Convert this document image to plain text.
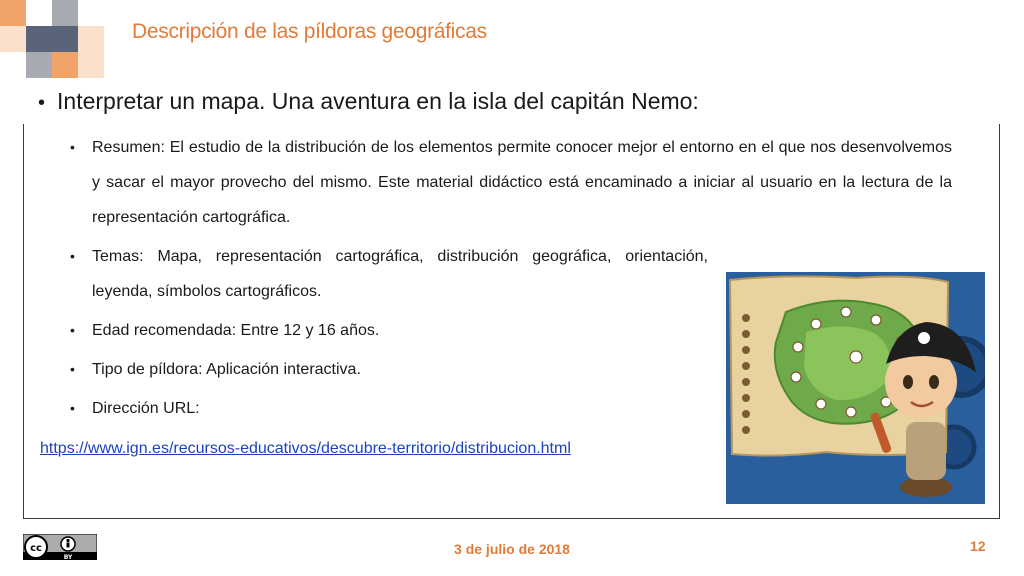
Descripción de las píldoras geográficas
• Interpretar un mapa. Una aventura en la isla del capitán Nemo:
• Resumen: El estudio de la distribución de los elementos permite conocer mejor el entorno en el que nos desenvolvemos y sacar el mayor provecho del mismo. Este material didáctico está encaminado a iniciar al usuario en la lectura de la representación cartográfica.
• Temas: Mapa, representación cartográfica, distribución geográfica, orientación, leyenda, símbolos cartográficos.
• Edad recomendada: Entre 12 y 16 años.
• Tipo de píldora: Aplicación interactiva.
• Dirección URL:
https://www.ign.es/recursos-educativos/descubre-territorio/distribucion.html
cc
BY
3 de julio de 2018	12
